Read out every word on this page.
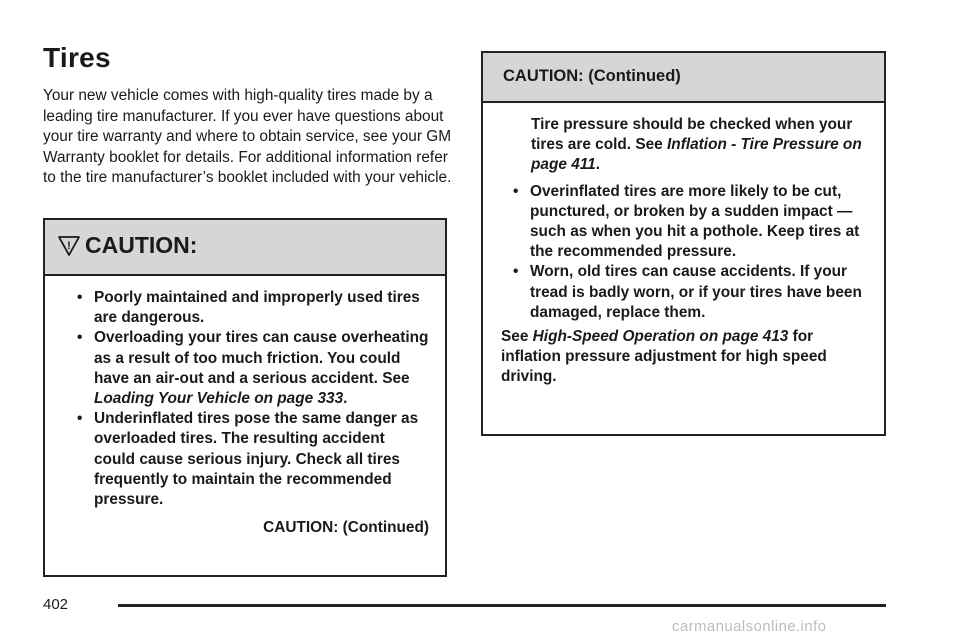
Tires
Your new vehicle comes with high-quality tires made by a leading tire manufacturer. If you ever have questions about your tire warranty and where to obtain service, see your GM Warranty booklet for details. For additional information refer to the tire manufacturer’s booklet included with your vehicle.
! CAUTION:
• Poorly maintained and improperly used tires are dangerous.
• Overloading your tires can cause overheating as a result of too much friction. You could have an air-out and a serious accident. See Loading Your Vehicle on page 333.
• Underinflated tires pose the same danger as overloaded tires. The resulting accident could cause serious injury. Check all tires frequently to maintain the recommended pressure.
CAUTION: (Continued)
CAUTION: (Continued)
Tire pressure should be checked when your tires are cold. See Inflation - Tire Pressure on page 411.
• Overinflated tires are more likely to be cut, punctured, or broken by a sudden impact — such as when you hit a pothole. Keep tires at the recommended pressure.
• Worn, old tires can cause accidents. If your tread is badly worn, or if your tires have been damaged, replace them.
See High-Speed Operation on page 413 for inflation pressure adjustment for high speed driving.
402
carmanualsonline.info
